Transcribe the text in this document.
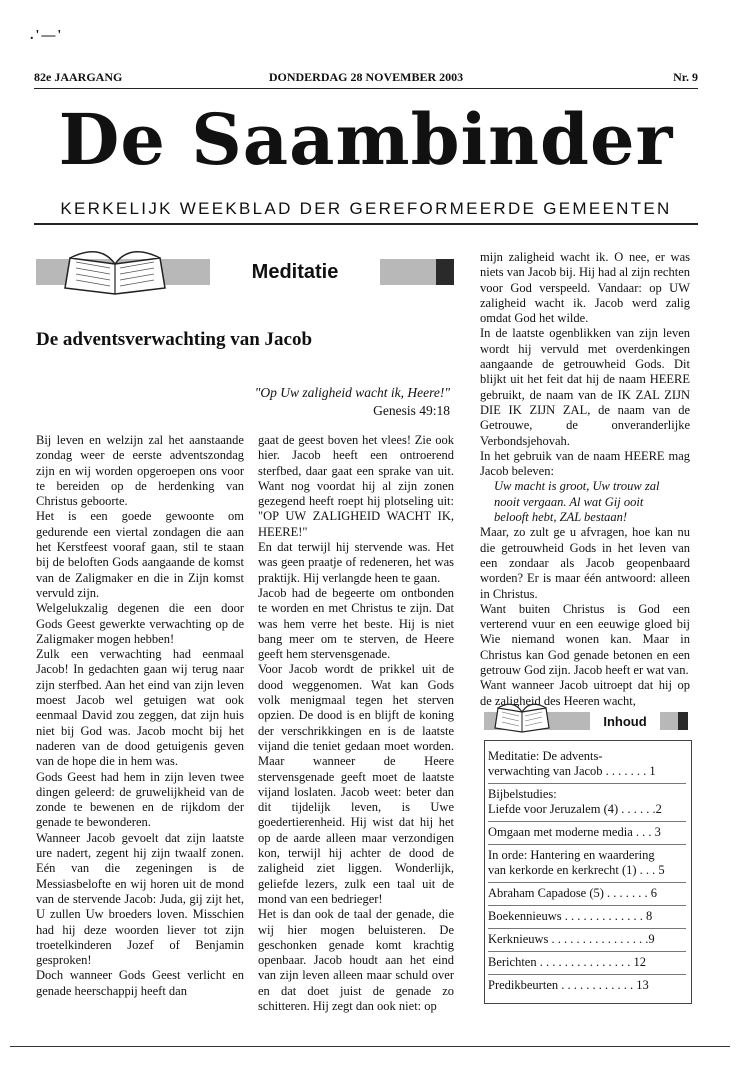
.'—'
82e JAARGANG	DONDERDAG 28 NOVEMBER 2003	Nr. 9
De Saambinder
KERKELIJK WEEKBLAD DER GEREFORMEERDE GEMEENTEN
Meditatie
De adventsverwachting van Jacob
"Op Uw zaligheid wacht ik, Heere!"
Genesis 49:18

Bij leven en welzijn zal het aanstaande zondag weer de eerste adventszondag zijn en wij worden opgeroepen ons voor te bereiden op de herdenking van Christus geboorte.

Het is een goede gewoonte om gedurende een viertal zondagen die aan het Kerstfeest vooraf gaan, stil te staan bij de beloften Gods aangaande de komst van de Zaligmaker en die in Zijn komst vervuld zijn.

Welgelukzalig degenen die een door Gods Geest gewerkte verwachting op de Zaligmaker mogen hebben!

Zulk een verwachting had eenmaal Jacob! In gedachten gaan wij terug naar zijn sterfbed. Aan het eind van zijn leven moest Jacob wel getuigen wat ook eenmaal David zou zeggen, dat zijn huis niet bij God was. Jacob mocht bij het naderen van de dood getuigenis geven van de hope die in hem was.

Gods Geest had hem in zijn leven twee dingen geleerd: de gruwelijkheid van de zonde te bewenen en de rijkdom der genade te bewonderen.

Wanneer Jacob gevoelt dat zijn laatste ure nadert, zegent hij zijn twaalf zonen. Eén van die zegeningen is de Messiasbelofte en wij horen uit de mond van de stervende Jacob: Juda, gij zijt het, U zullen Uw broeders loven. Misschien had hij deze woorden liever tot zijn troetelkinderen Jozef of Benjamin gesproken!

Doch wanneer Gods Geest verlicht en genade heerschappij heeft dan

gaat de geest boven het vlees! Zie ook hier. Jacob heeft een ontroerend sterfbed, daar gaat een sprake van uit. Want nog voordat hij al zijn zonen gezegend heeft roept hij plotseling uit: "OP UW ZALIGHEID WACHT IK, HEERE!"

En dat terwijl hij stervende was. Het was geen praatje of redeneren, het was praktijk. Hij verlangde heen te gaan.

Jacob had de begeerte om ontbonden te worden en met Christus te zijn. Dat was hem verre het beste. Hij is niet bang meer om te sterven, de Heere geeft hem stervensgenade.

Voor Jacob wordt de prikkel uit de dood weggenomen. Wat kan Gods volk menigmaal tegen het sterven opzien. De dood is en blijft de koning der verschrikkingen en is de laatste vijand die teniet gedaan moet worden. Maar wanneer de Heere stervensgenade geeft moet de laatste vijand loslaten. Jacob weet: beter dan dit tijdelijk leven, is Uwe goedertierenheid. Hij wist dat hij het op de aarde alleen maar verzondigen kon, terwijl hij achter de dood de zaligheid ziet liggen. Wonderlijk, geliefde lezers, zulk een taal uit de mond van een bedrieger!

Het is dan ook de taal der genade, die wij hier mogen beluisteren. De geschonken genade komt krachtig openbaar. Jacob houdt aan het eind van zijn leven alleen maar schuld over en dat doet juist de genade zo schitteren. Hij zegt dan ook niet: op

mijn zaligheid wacht ik. O nee, er was niets van Jacob bij. Hij had al zijn rechten voor God verspeeld. Vandaar: op UW zaligheid wacht ik. Jacob werd zalig omdat God het wilde.

In de laatste ogenblikken van zijn leven wordt hij vervuld met overdenkingen aangaande de getrouwheid Gods. Dit blijkt uit het feit dat hij de naam HEERE gebruikt, de naam van de IK ZAL ZIJN DIE IK ZIJN ZAL, de naam van de Getrouwe, de onveranderlijke Verbondsjehovah.

In het gebruik van de naam HEERE mag Jacob beleven:

Uw macht is groot, Uw trouw zal
nooit vergaan. Al wat Gij ooit
belooft hebt, ZAL bestaan!

Maar, zo zult ge u afvragen, hoe kan nu die getrouwheid Gods in het leven van een zondaar als Jacob geopenbaard worden? Er is maar één antwoord: alleen in Christus.

Want buiten Christus is God een verterend vuur en een eeuwige gloed bij Wie niemand wonen kan. Maar in Christus kan God genade betonen en een getrouw God zijn. Jacob heeft er wat van.

Want wanneer Jacob uitroept dat hij op de zaligheid des Heeren wacht,

Inhoud
Meditatie: De advents-
verwachting van Jacob . . . . . . . 1
Bijbelstudies:
Liefde voor Jeruzalem (4) . . . . . .2
Omgaan met moderne media . . . 3
In orde: Hantering en waardering
van kerkorde en kerkrecht (1) . . . 5
Abraham Capadose (5) . . . . . . . 6
Boekennieuws . . . . . . . . . . . . . 8
Kerknieuws . . . . . . . . . . . . . . . .9
Berichten . . . . . . . . . . . . . . . 12
Predikbeurten . . . . . . . . . . . . 13
